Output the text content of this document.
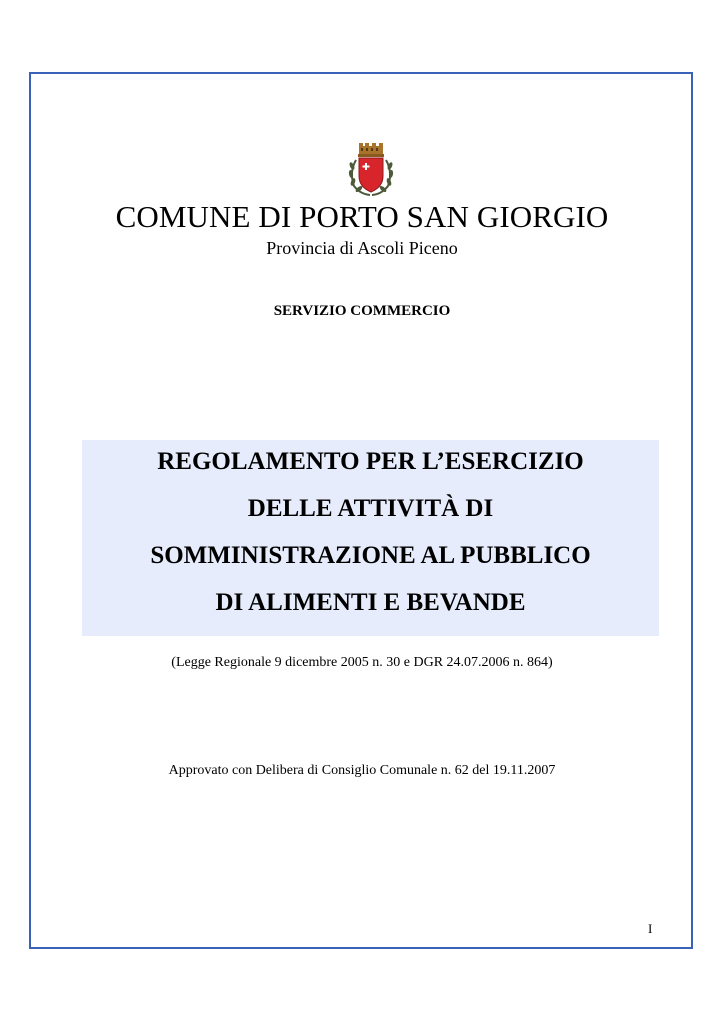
COMUNE DI PORTO SAN GIORGIO
Provincia di Ascoli Piceno
SERVIZIO COMMERCIO
REGOLAMENTO PER L’ESERCIZIO
DELLE ATTIVITÀ DI
SOMMINISTRAZIONE AL PUBBLICO
DI ALIMENTI E BEVANDE
(Legge Regionale 9 dicembre 2005 n. 30 e DGR 24.07.2006 n. 864)
Approvato con Delibera di Consiglio Comunale n. 62 del 19.11.2007
I
